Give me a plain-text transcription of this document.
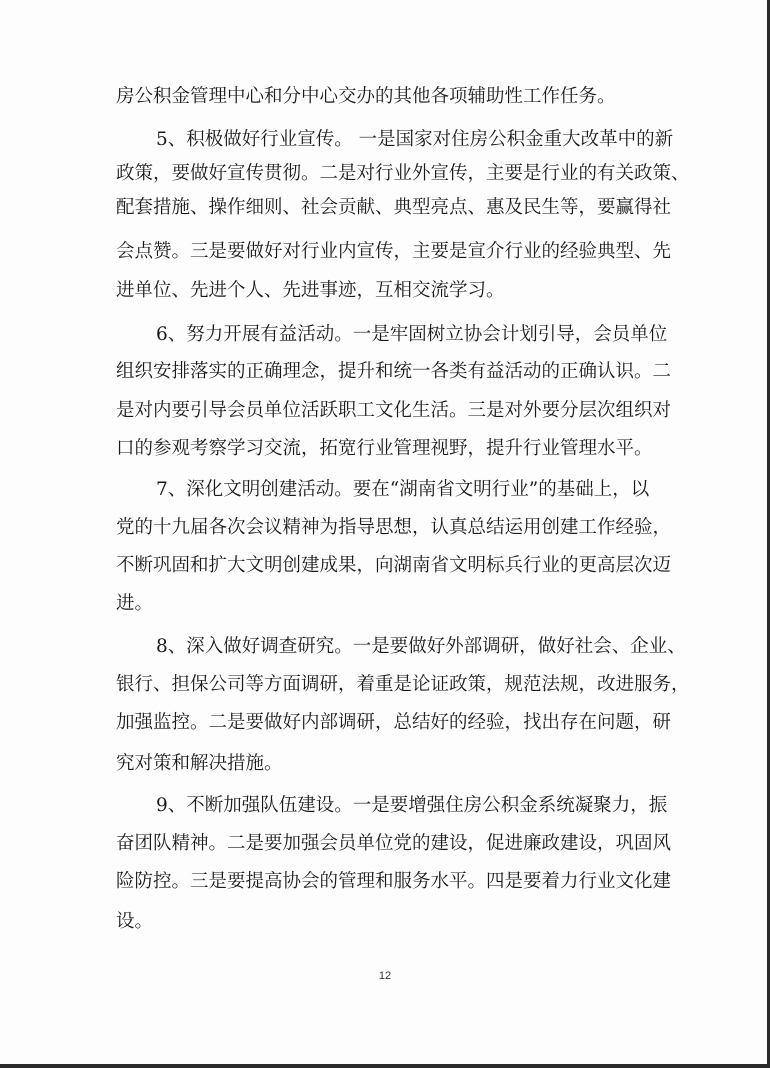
房公积金管理中心和分中心交办的其他各项辅助性工作任务。
5、积极做好行业宣传。 一是国家对住房公积金重大改革中的新
政策，要做好宣传贯彻。二是对行业外宣传，主要是行业的有关政策、
配套措施、操作细则、社会贡献、典型亮点、惠及民生等，要赢得社
会点赞。三是要做好对行业内宣传，主要是宣介行业的经验典型、先
进单位、先进个人、先进事迹，互相交流学习。
6、努力开展有益活动。一是牢固树立协会计划引导，会员单位
组织安排落实的正确理念，提升和统一各类有益活动的正确认识。二
是对内要引导会员单位活跃职工文化生活。三是对外要分层次组织对
口的参观考察学习交流，拓宽行业管理视野，提升行业管理水平。
7、深化文明创建活动。要在“湖南省文明行业”的基础上，以
党的十九届各次会议精神为指导思想，认真总结运用创建工作经验，
不断巩固和扩大文明创建成果，向湖南省文明标兵行业的更高层次迈
进。
8、深入做好调查研究。一是要做好外部调研，做好社会、企业、
银行、担保公司等方面调研，着重是论证政策，规范法规，改进服务，
加强监控。二是要做好内部调研，总结好的经验，找出存在问题，研
究对策和解决措施。
9、不断加强队伍建设。一是要增强住房公积金系统凝聚力，振
奋团队精神。二是要加强会员单位党的建设，促进廉政建设，巩固风
险防控。三是要提高协会的管理和服务水平。四是要着力行业文化建
设。
12
